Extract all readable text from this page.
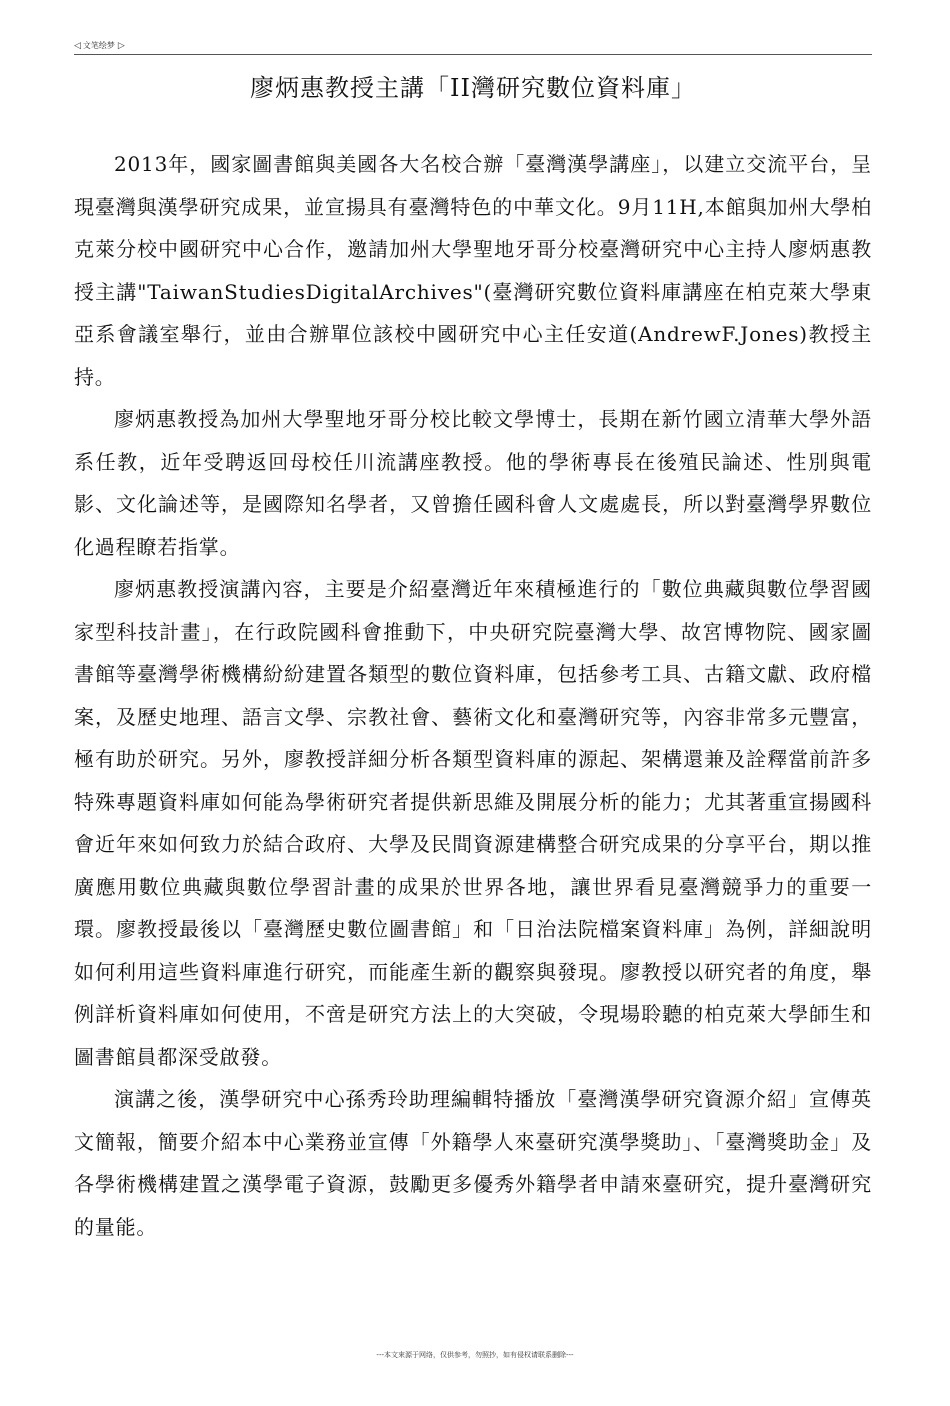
◁ 文笔绘梦 ▷
廖炳惠教授主講「II灣研究數位資料庫」

2013年，國家圖書館與美國各大名校合辦「臺灣漢學講座」，以建立交流平台，呈現臺灣與漢學研究成果，並宣揚具有臺灣特色的中華文化。9月11H,本館與加州大學柏克萊分校中國研究中心合作，邀請加州大學聖地牙哥分校臺灣研究中心主持人廖炳惠教授主講"TaiwanStudiesDigitalArchives"(臺灣研究數位資料庫講座在柏克萊大學東亞系會議室舉行，並由合辦單位該校中國研究中心主任安道(AndrewF.Jones)教授主持。

廖炳惠教授為加州大學聖地牙哥分校比較文學博士，長期在新竹國立清華大學外語系任教，近年受聘返回母校任川流講座教授。他的學術專長在後殖民論述、性別與電影、文化論述等，是國際知名學者，又曾擔任國科會人文處處長，所以對臺灣學界數位化過程瞭若指掌。

廖炳惠教授演講內容，主要是介紹臺灣近年來積極進行的「數位典藏與數位學習國家型科技計畫」，在行政院國科會推動下，中央研究院臺灣大學、故宮博物院、國家圖書館等臺灣學術機構紛紛建置各類型的數位資料庫，包括參考工具、古籍文獻、政府檔案，及歷史地理、語言文學、宗教社會、藝術文化和臺灣研究等，內容非常多元豐富，極有助於研究。另外，廖教授詳細分析各類型資料庫的源起、架構還兼及詮釋當前許多特殊專題資料庫如何能為學術研究者提供新思維及開展分析的能力；尤其著重宣揚國科會近年來如何致力於結合政府、大學及民間資源建構整合研究成果的分享平台，期以推廣應用數位典藏與數位學習計畫的成果於世界各地，讓世界看見臺灣競爭力的重要一環。廖教授最後以「臺灣歷史數位圖書館」和「日治法院檔案資料庫」為例，詳細說明如何利用這些資料庫進行研究，而能產生新的觀察與發現。廖教授以研究者的角度，舉例詳析資料庫如何使用，不啻是研究方法上的大突破，令現場聆聽的柏克萊大學師生和圖書館員都深受啟發。

演講之後，漢學研究中心孫秀玲助理編輯特播放「臺灣漢學研究資源介紹」宣傳英文簡報，簡要介紹本中心業務並宣傳「外籍學人來臺研究漢學獎助」、「臺灣獎助金」及各學術機構建置之漢學電子資源，鼓勵更多優秀外籍學者申請來臺研究，提升臺灣研究的量能。

---本文來源于网络，仅供参考，勿照抄，如有侵权请联系删除---
